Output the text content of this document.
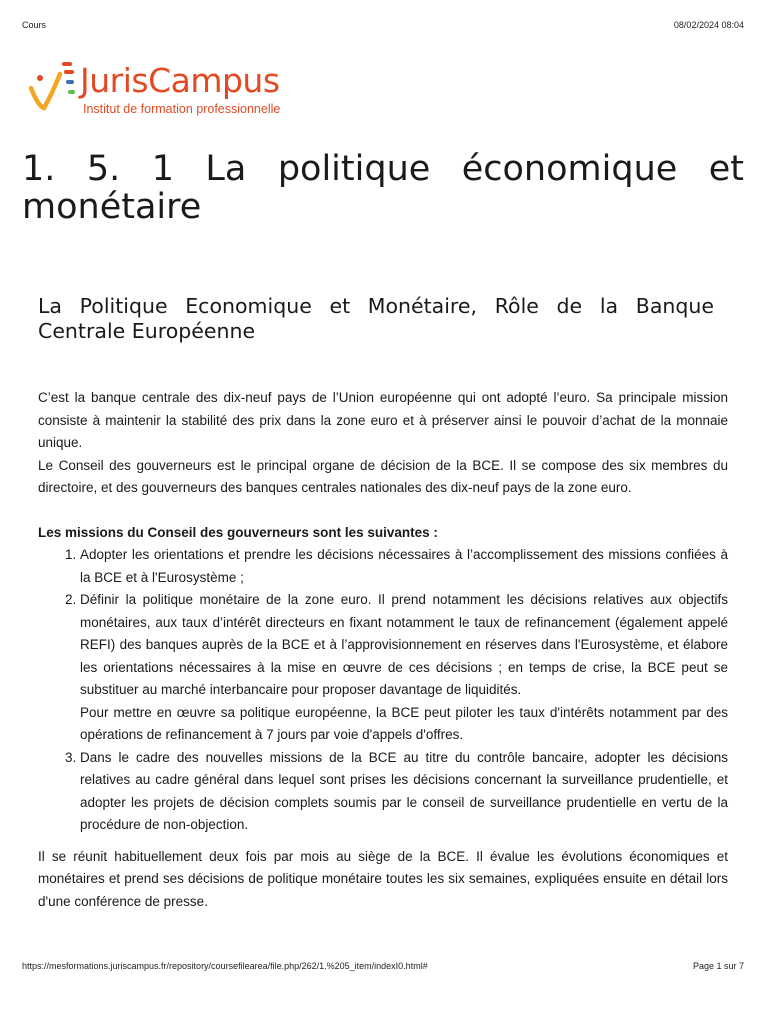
Cours	08/02/2024 08:04
JurisCampus
Institut de formation professionnelle
1. 5. 1 La politique économique et monétaire
La Politique Economique et Monétaire, Rôle de la Banque Centrale Européenne

C’est la banque centrale des dix-neuf pays de l’Union européenne qui ont adopté l’euro. Sa principale mission consiste à maintenir la stabilité des prix dans la zone euro et à préserver ainsi le pouvoir d’achat de la monnaie unique.

Le Conseil des gouverneurs est le principal organe de décision de la BCE. Il se compose des six membres du directoire, et des gouverneurs des banques centrales nationales des dix-neuf pays de la zone euro.

Les missions du Conseil des gouverneurs sont les suivantes :

1. Adopter les orientations et prendre les décisions nécessaires à l’accomplissement des missions confiées à la BCE et à l'Eurosystème ;

2. Définir la politique monétaire de la zone euro. Il prend notamment les décisions relatives aux objectifs monétaires, aux taux d’intérêt directeurs en fixant notamment le taux de refinancement (également appelé REFI) des banques auprès de la BCE et à l’approvisionnement en réserves dans l'Eurosystème, et élabore les orientations nécessaires à la mise en œuvre de ces décisions ; en temps de crise, la BCE peut se substituer au marché interbancaire pour proposer davantage de liquidités.

Pour mettre en œuvre sa politique européenne, la BCE peut piloter les taux d'intérêts notamment par des opérations de refinancement à 7 jours par voie d'appels d'offres.

3. Dans le cadre des nouvelles missions de la BCE au titre du contrôle bancaire, adopter les décisions relatives au cadre général dans lequel sont prises les décisions concernant la surveillance prudentielle, et adopter les projets de décision complets soumis par le conseil de surveillance prudentielle en vertu de la procédure de non-objection.

Il se réunit habituellement deux fois par mois au siège de la BCE. Il évalue les évolutions économiques et monétaires et prend ses décisions de politique monétaire toutes les six semaines, expliquées ensuite en détail lors d'une conférence de presse.

https://mesformations.juriscampus.fr/repository/coursefilearea/file.php/262/1.%205_item/indexI0.html#	Page 1 sur 7
